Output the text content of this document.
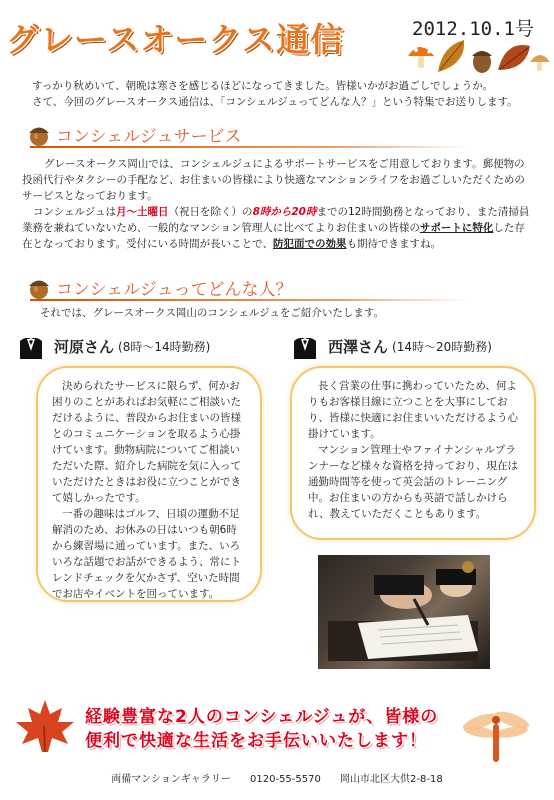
グレースオークス通信	2012.10.1号

すっかり秋めいて、朝晩は寒さを感じるほどになってきました。皆様いかがお過ごしでしょうか。

さて、今回のグレースオークス通信は、「コンシェルジュってどんな人？」という特集でお送りします。

コンシェルジュサービス

グレースオークス岡山では、コンシェルジュによるサポートサービスをご用意しております。郵便物の投函代行やタクシーの手配など、お住まいの皆様により快適なマンションライフをお過ごしいただくためのサービスとなっております。

コンシェルジュは月～土曜日（祝日を除く）の8時から20時までの12時間勤務となっており、また清掃員業務を兼ねていないため、一般的なマンション管理人に比べてよりお住まいの皆様のサポートに特化した存在となっております。受付にいる時間が長いことで、防犯面での効果も期待できますね。

コンシェルジュってどんな人？
それでは、グレースオークス岡山のコンシェルジュをご紹介いたします。
河原さん (8時～14時勤務)

決められたサービスに限らず、何かお困りのことがあればお気軽にご相談いただけるように、普段からお住まいの皆様とのコミュニケーションを取るよう心掛けています。動物病院についてご相談いただいた際、紹介した病院を気に入っていただけたときはお役に立つことができて嬉しかったです。

一番の趣味はゴルフ、日頃の運動不足解消のため、お休みの日はいつも朝6時から練習場に通っています。また、いろいろな話題でお話ができるよう、常にトレンドチェックを欠かさず、空いた時間でお店やイベントを回っています。

西澤さん (14時～20時勤務)

長く営業の仕事に携わっていたため、何よりもお客様目線に立つことを大事にしており、皆様に快適にお住まいいただけるよう心掛けています。

マンション管理士やファイナンシャルプランナーなど様々な資格を持っており、現在は通勤時間等を使って英会話のトレーニング中。お住まいの方からも英語で話しかけられ、教えていただくこともあります。

経験豊富な2人のコンシェルジュが、皆様の

便利で快適な生活をお手伝いいたします！

両備マンションギャラリー 0120-55-5570 岡山市北区大供2-8-18
